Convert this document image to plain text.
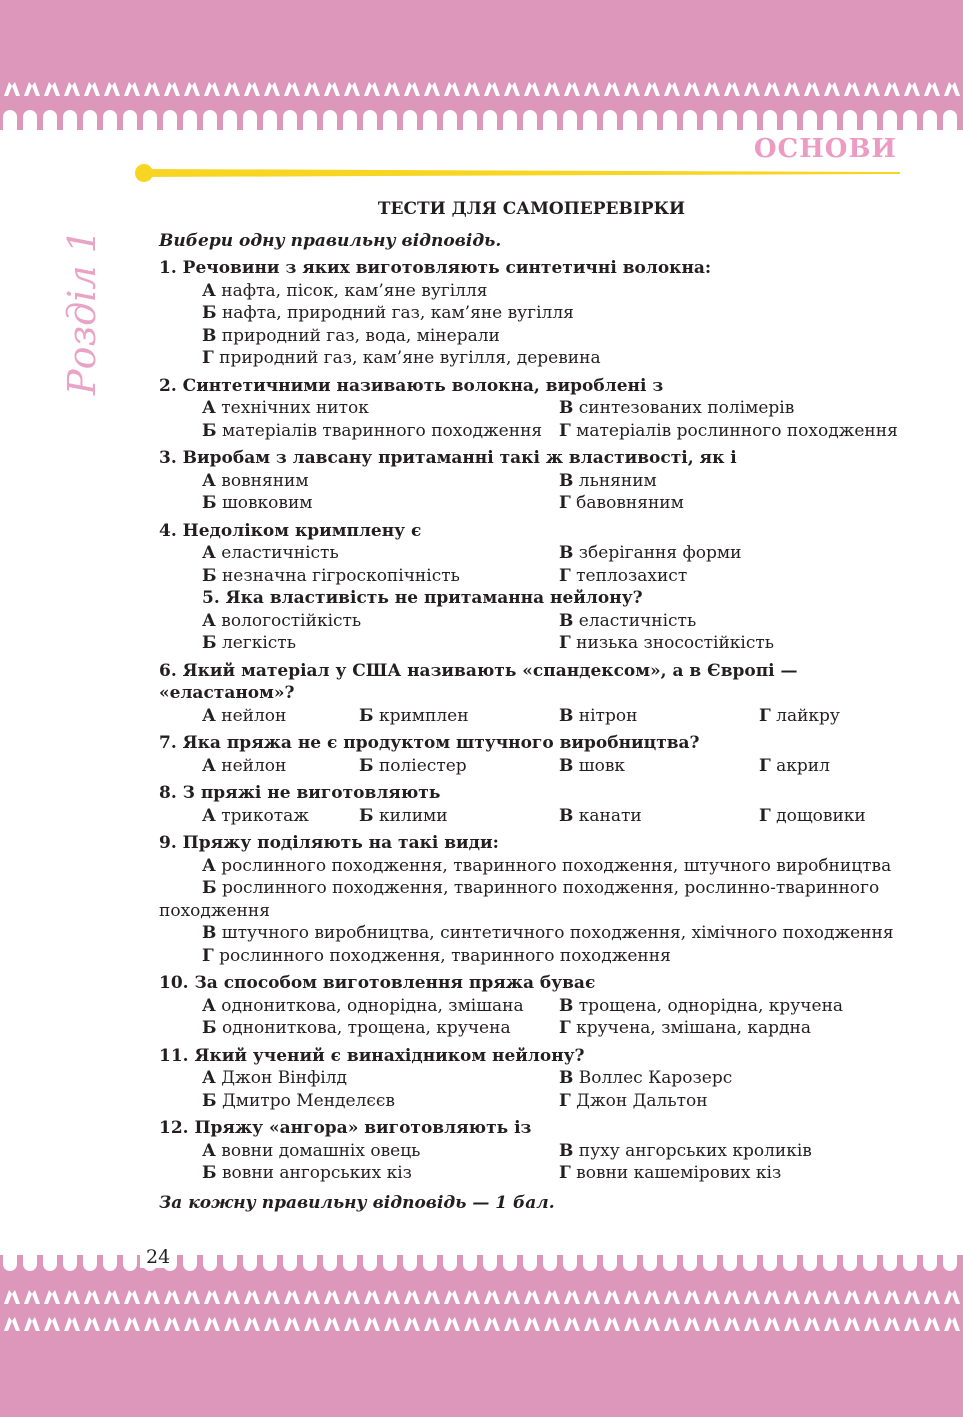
ОСНОВИ
Розділ 1
ТЕСТИ ДЛЯ САМОПЕРЕВІРКИ
Вибери одну правильну відповідь.
1. Речовини з яких виготовляють синтетичні волокна:
А нафта, пісок, кам’яне вугілля
Б нафта, природний газ, кам’яне вугілля
В природний газ, вода, мінерали
Г природний газ, кам’яне вугілля, деревина
2. Синтетичними називають волокна, вироблені з
А технічних ниток	В синтезованих полімерів
Б матеріалів тваринного походження Г матеріалів рослинного походження
3. Виробам з лавсану притаманні такі ж властивості, як і
А вовняним	В льняним
Б шовковим	Г бавовняним
4. Недоліком кримплену є
А еластичність	В зберігання форми
Б незначна гігроскопічність	Г теплозахист
5. Яка властивість не притаманна нейлону?
А вологостійкість	В еластичність
Б легкість	Г низька зносостійкість
6. Який матеріал у США називають «спандексом», а в Європі — «еластаном»?
А нейлон	Б кримплен	В нітрон	Г лайкру
7. Яка пряжа не є продуктом штучного виробництва?
А нейлон	Б поліестер	В шовк	Г акрил
8. З пряжі не виготовляють
А трикотаж	Б килими	В канати	Г дощовики
9. Пряжу поділяють на такі види:
А рослинного походження, тваринного походження, штучного виробництва
Б рослинного походження, тваринного походження, рослинно-тваринного
походження
В штучного виробництва, синтетичного походження, хімічного походження
Г рослинного походження, тваринного походження
10. За способом виготовлення пряжа буває
А однониткова, однорідна, змішана	В трощена, однорідна, кручена
Б однониткова, трощена, кручена	Г кручена, змішана, кардна
11. Який учений є винахідником нейлону?
А Джон Вінфілд	В Воллес Карозерс
Б Дмитро Менделєєв	Г Джон Дальтон
12. Пряжу «ангора» виготовляють із
А вовни домашніх овець	В пуху ангорських кроликів
Б вовни ангорських кіз	Г вовни кашемірових кіз
За кожну правильну відповідь — 1 бал.
24
